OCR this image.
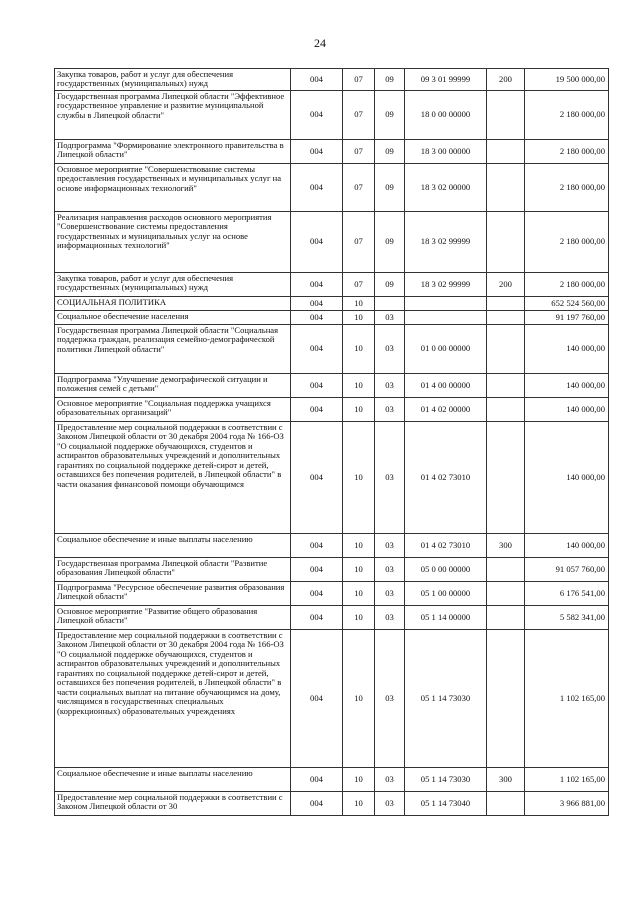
24
Закупка товаров, работ и услуг для обеспечения государственных (муниципальных) нужд	004	07	09	09 3 01 99999	200	19 500 000,00
Государственная программа Липецкой области "Эффективное государственное управление и развитие муниципальной службы в Липецкой области"	004	07	09	18 0 00 00000		2 180 000,00
Подпрограмма "Формирование электронного правительства в Липецкой области"	004	07	09	18 3 00 00000		2 180 000,00
Основное мероприятие "Совершенствование системы предоставления государственных и муниципальных услуг на основе информационных технологий"	004	07	09	18 3 02 00000		2 180 000,00
Реализация направления расходов основного мероприятия "Совершенствование системы предоставления государственных и муниципальных услуг на основе информационных технологий"	004	07	09	18 3 02 99999		2 180 000,00
Закупка товаров, работ и услуг для обеспечения государственных (муниципальных) нужд	004	07	09	18 3 02 99999	200	2 180 000,00
СОЦИАЛЬНАЯ ПОЛИТИКА	004	10				652 524 560,00
Социальное обеспечение населения	004	10	03			91 197 760,00
Государственная программа Липецкой области "Социальная поддержка граждан, реализация семейно-демографической политики Липецкой области"	004	10	03	01 0 00 00000		140 000,00
Подпрограмма "Улучшение демографической ситуации и положения семей с детьми"	004	10	03	01 4 00 00000		140 000,00
Основное мероприятие "Социальная поддержка учащихся образовательных организаций"	004	10	03	01 4 02 00000		140 000,00
Предоставление мер социальной поддержки в соответствии с Законом Липецкой области от 30 декабря 2004 года № 166-ОЗ "О социальной поддержке обучающихся, студентов и аспирантов образовательных учреждений и дополнительных гарантиях по социальной поддержке детей-сирот и детей, оставшихся без попечения родителей, в Липецкой области" в части оказания финансовой помощи обучающимся	004	10	03	01 4 02 73010		140 000,00
Социальное обеспечение и иные выплаты населению	004	10	03	01 4 02 73010	300	140 000,00
Государственная программа Липецкой области "Развитие образования Липецкой области"	004	10	03	05 0 00 00000		91 057 760,00
Подпрограмма "Ресурсное обеспечение развития образования Липецкой области"	004	10	03	05 1 00 00000		6 176 541,00
Основное мероприятие "Развитие общего образования Липецкой области"	004	10	03	05 1 14 00000		5 582 341,00
Предоставление мер социальной поддержки в соответствии с Законом Липецкой области от 30 декабря 2004 года № 166-ОЗ "О социальной поддержке обучающихся, студентов и аспирантов образовательных учреждений и дополнительных гарантиях по социальной поддержке детей-сирот и детей, оставшихся без попечения родителей, в Липецкой области" в части социальных выплат на питание обучающимся на дому, числящимся в государственных специальных (коррекционных) образовательных учреждениях	004	10	03	05 1 14 73030		1 102 165,00
Социальное обеспечение и иные выплаты населению	004	10	03	05 1 14 73030	300	1 102 165,00
Предоставление мер социальной поддержки в соответствии с Законом Липецкой области от 30	004	10	03	05 1 14 73040		3 966 881,00
